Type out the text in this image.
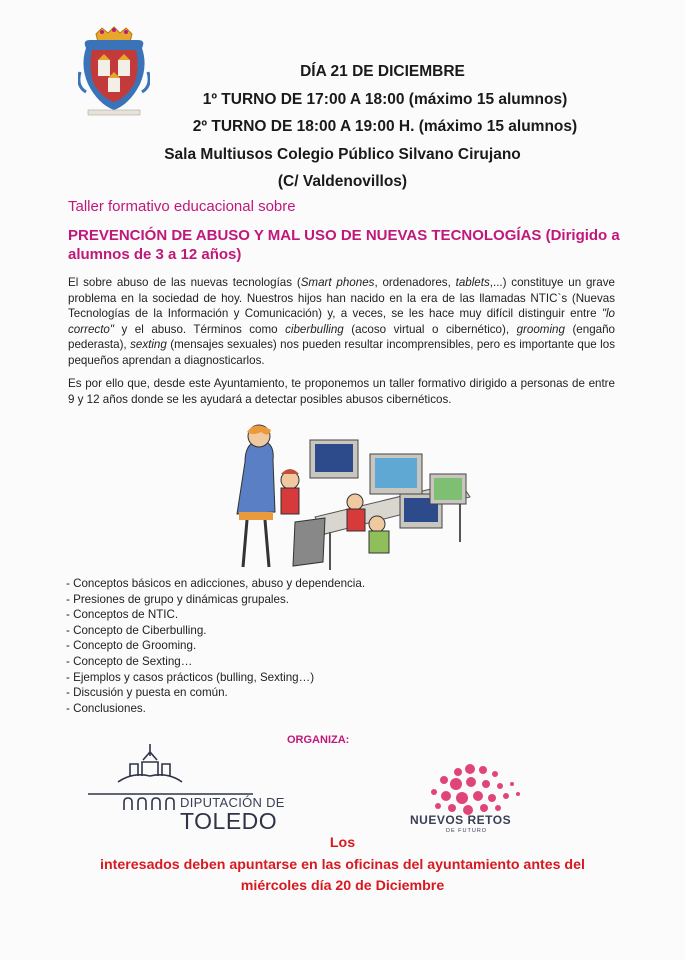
DÍA 21 DE DICIEMBRE
1º TURNO DE 17:00 A 18:00 (máximo 15 alumnos)
2º TURNO DE 18:00 A 19:00 H. (máximo 15 alumnos)
Sala Multiusos Colegio Público Silvano Cirujano
(C/ Valdenovillos)
Taller formativo educacional sobre
PREVENCIÓN DE ABUSO Y MAL USO DE NUEVAS TECNOLOGÍAS (Dirigido a alumnos de 3 a 12 años)
El sobre abuso de las nuevas tecnologías (Smart phones, ordenadores, tablets,...) constituye un grave problema en la sociedad de hoy. Nuestros hijos han nacido en la era de las llamadas NTIC`s (Nuevas Tecnologías de la Información y Comunicación) y, a veces, se les hace muy difícil distinguir entre "lo correcto" y el abuso. Términos como ciberbulling (acoso virtual o cibernético), grooming (engaño pederasta), sexting (mensajes sexuales) nos pueden resultar incomprensibles, pero es importante que los pequeños aprendan a diagnosticarlos.
Es por ello que, desde este Ayuntamiento, te proponemos un taller formativo dirigido a personas de entre 9 y 12 años donde se les ayudará a detectar posibles abusos cibernéticos.
- Conceptos básicos en adicciones, abuso y dependencia.
- Presiones de grupo y dinámicas grupales.
- Conceptos de NTIC.
- Concepto de Ciberbulling.
- Concepto de Grooming.
- Concepto de Sexting…
- Ejemplos y casos prácticos (bulling, Sexting…)
- Discusión y puesta en común.
- Conclusiones.
ORGANIZA:
DIPUTACIÓN DE
TOLEDO	NUEVOS RETOS
DE FUTURO
Los
interesados deben apuntarse en las oficinas del ayuntamiento antes del
miércoles día 20 de Diciembre
